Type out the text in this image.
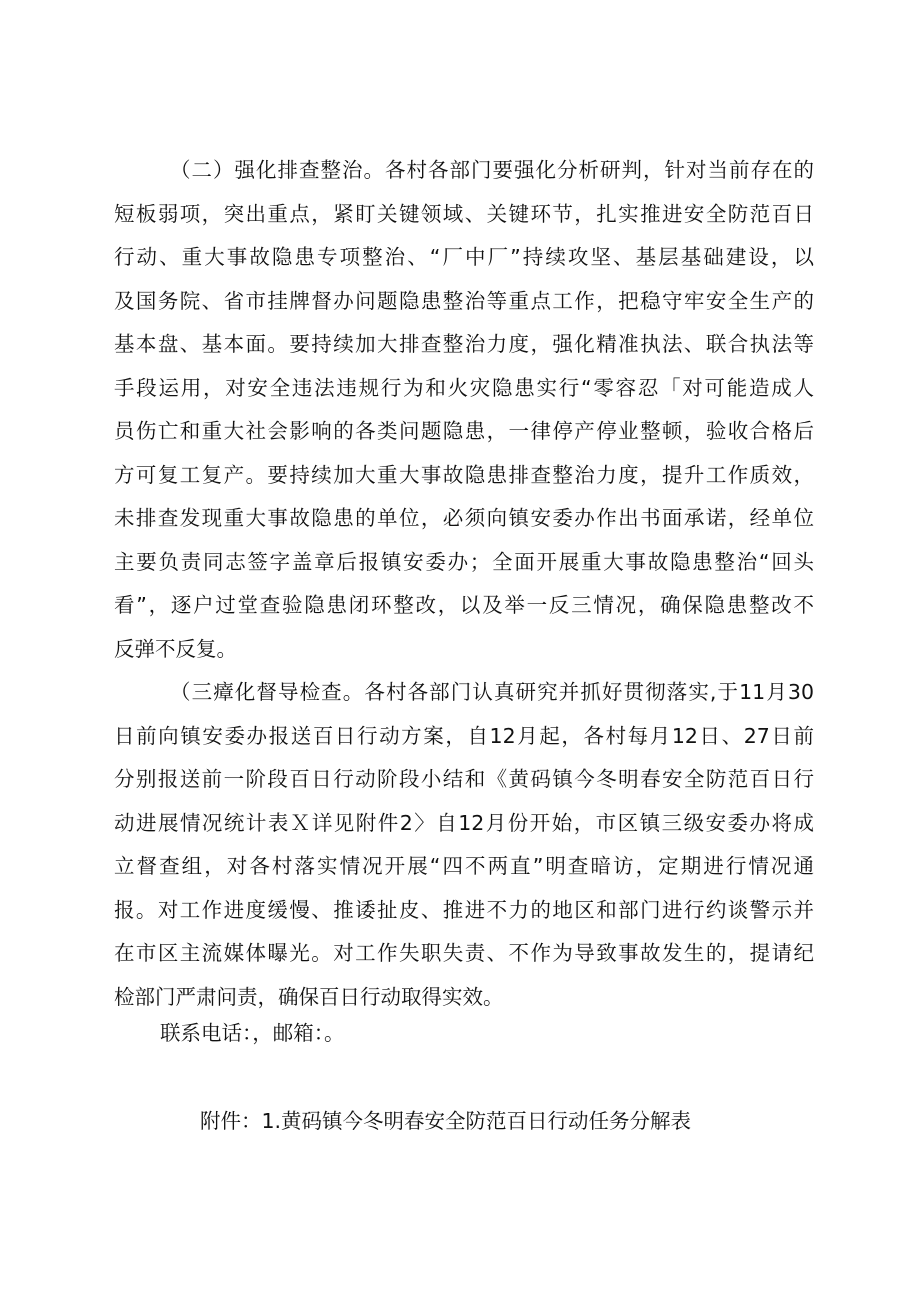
（二）强化排查整治。各村各部门要强化分析研判，针对当前存在的
短板弱项，突出重点，紧盯关键领域、关键环节，扎实推进安全防范百日
行动、重大事故隐患专项整治、“厂中厂”持续攻坚、基层基础建设，以
及国务院、省市挂牌督办问题隐患整治等重点工作，把稳守牢安全生产的
基本盘、基本面。要持续加大排查整治力度，强化精准执法、联合执法等
手段运用，对安全违法违规行为和火灾隐患实行“零容忍「对可能造成人
员伤亡和重大社会影响的各类问题隐患，一律停产停业整顿，验收合格后
方可复工复产。要持续加大重大事故隐患排查整治力度，提升工作质效，
未排查发现重大事故隐患的单位，必须向镇安委办作出书面承诺，经单位
主要负责同志签字盖章后报镇安委办；全面开展重大事故隐患整治“回头
看”，逐户过堂查验隐患闭环整改，以及举一反三情况，确保隐患整改不
反弹不反复。
（三瘴化督导检查。各村各部门认真研究并抓好贯彻落实,于11月30
日前向镇安委办报送百日行动方案，自12月起，各村每月12日、27日前
分别报送前一阶段百日行动阶段小结和《黄码镇今冬明春安全防范百日行
动进展情况统计表Ｘ详见附件2〉自12月份开始，市区镇三级安委办将成
立督查组，对各村落实情况开展“四不两直”明查暗访，定期进行情况通
报。对工作进度缓慢、推诿扯皮、推进不力的地区和部门进行约谈警示并
在市区主流媒体曝光。对工作失职失责、不作为导致事故发生的，提请纪
检部门严肃问责，确保百日行动取得实效。
联系电话：，邮箱：。
附件：1.黄码镇今冬明春安全防范百日行动任务分解表
